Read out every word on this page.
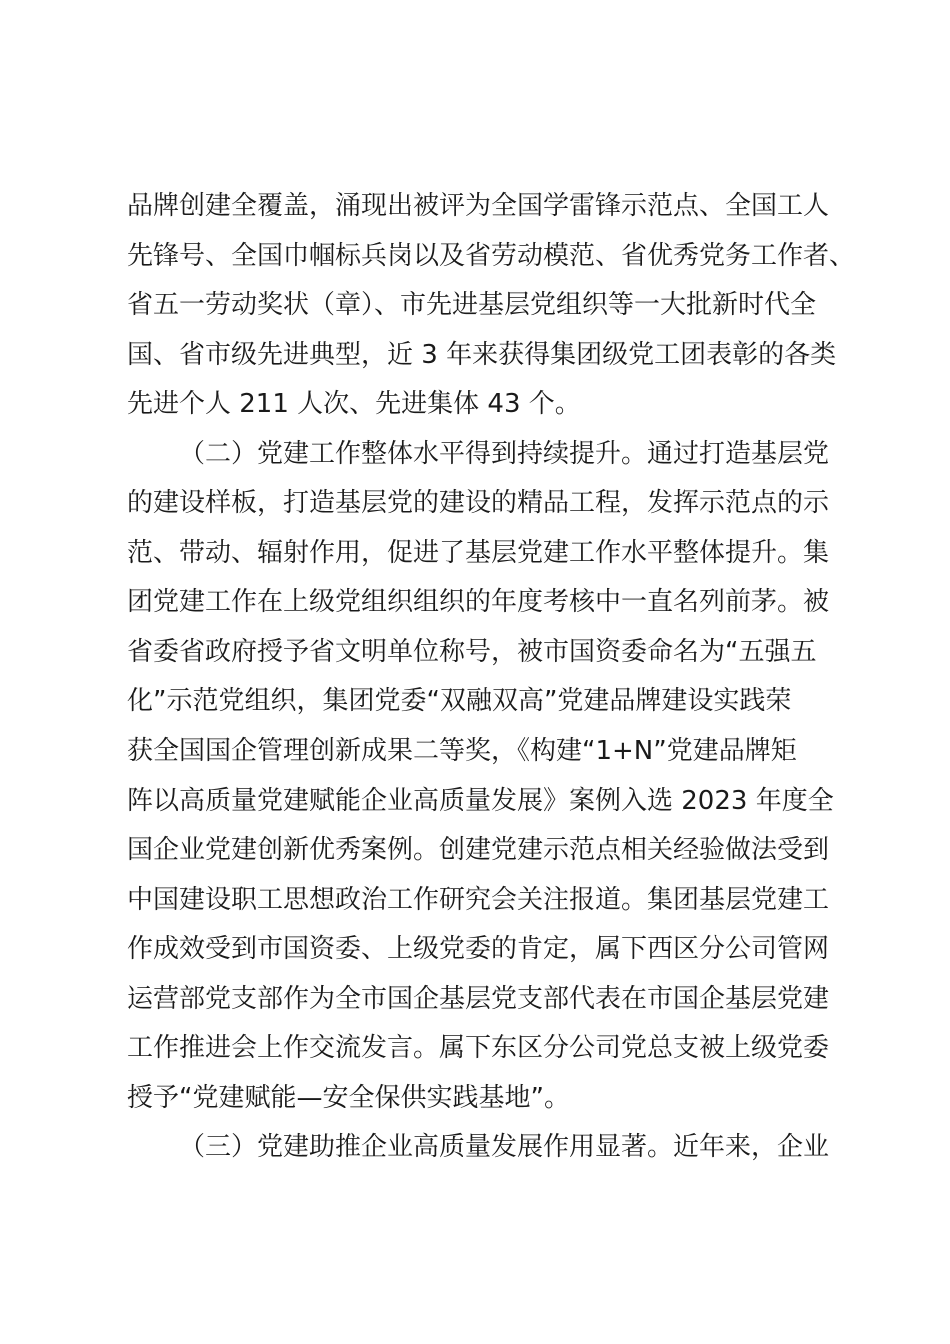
品牌创建全覆盖，涌现出被评为全国学雷锋示范点、全国工人
先锋号、全国巾帼标兵岗以及省劳动模范、省优秀党务工作者、
省五一劳动奖状（章）、市先进基层党组织等一大批新时代全
国、省市级先进典型，近 3 年来获得集团级党工团表彰的各类
先进个人 211 人次、先进集体 43 个。
（二）党建工作整体水平得到持续提升。通过打造基层党
的建设样板，打造基层党的建设的精品工程，发挥示范点的示
范、带动、辐射作用，促进了基层党建工作水平整体提升。集
团党建工作在上级党组织组织的年度考核中一直名列前茅。被
省委省政府授予省文明单位称号，被市国资委命名为“五强五
化”示范党组织，集团党委“双融双高”党建品牌建设实践荣
获全国国企管理创新成果二等奖，《构建“1+N”党建品牌矩
阵以高质量党建赋能企业高质量发展》案例入选 2023 年度全
国企业党建创新优秀案例。创建党建示范点相关经验做法受到
中国建设职工思想政治工作研究会关注报道。集团基层党建工
作成效受到市国资委、上级党委的肯定，属下西区分公司管网
运营部党支部作为全市国企基层党支部代表在市国企基层党建
工作推进会上作交流发言。属下东区分公司党总支被上级党委
授予“党建赋能—安全保供实践基地”。
（三）党建助推企业高质量发展作用显著。近年来，企业
